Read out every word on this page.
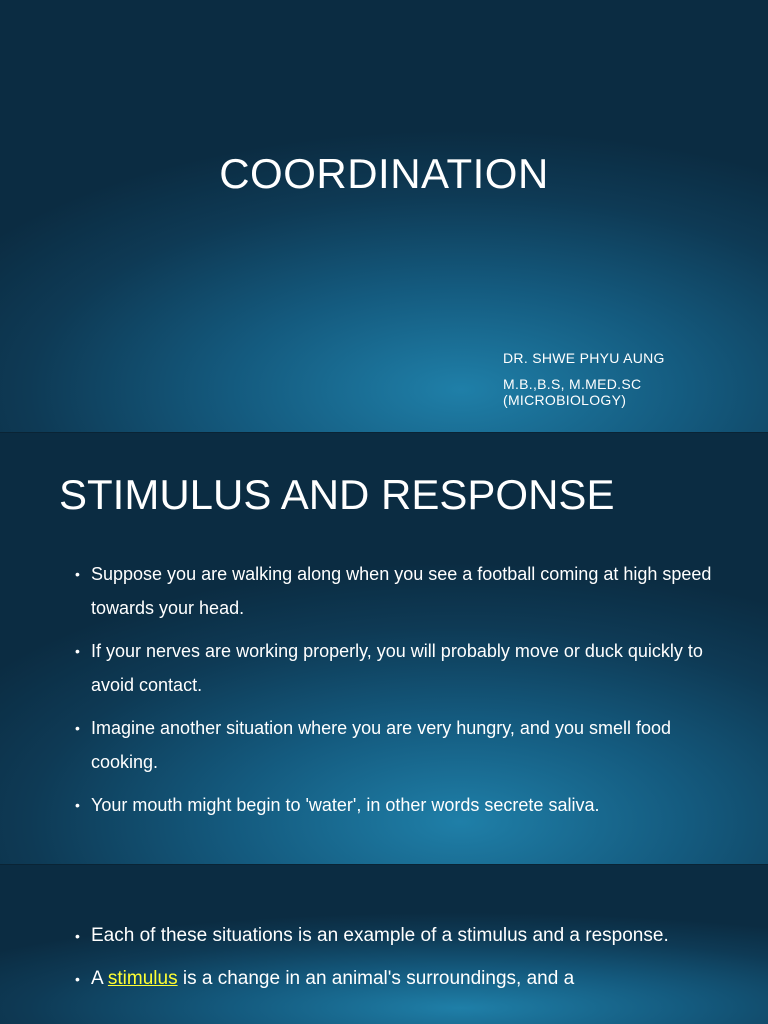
COORDINATION
DR. SHWE PHYU AUNG
M.B.,B.S, M.MED.SC (MICROBIOLOGY)
STIMULUS AND RESPONSE
• Suppose you are walking along when you see a football coming at high speed towards your head.
• If your nerves are working properly, you will probably move or duck quickly to avoid contact.
• Imagine another situation where you are very hungry, and you smell food cooking.
• Your mouth might begin to 'water', in other words secrete saliva.
• Each of these situations is an example of a stimulus and a response.
• A stimulus is a change in an animal's surroundings, and a
